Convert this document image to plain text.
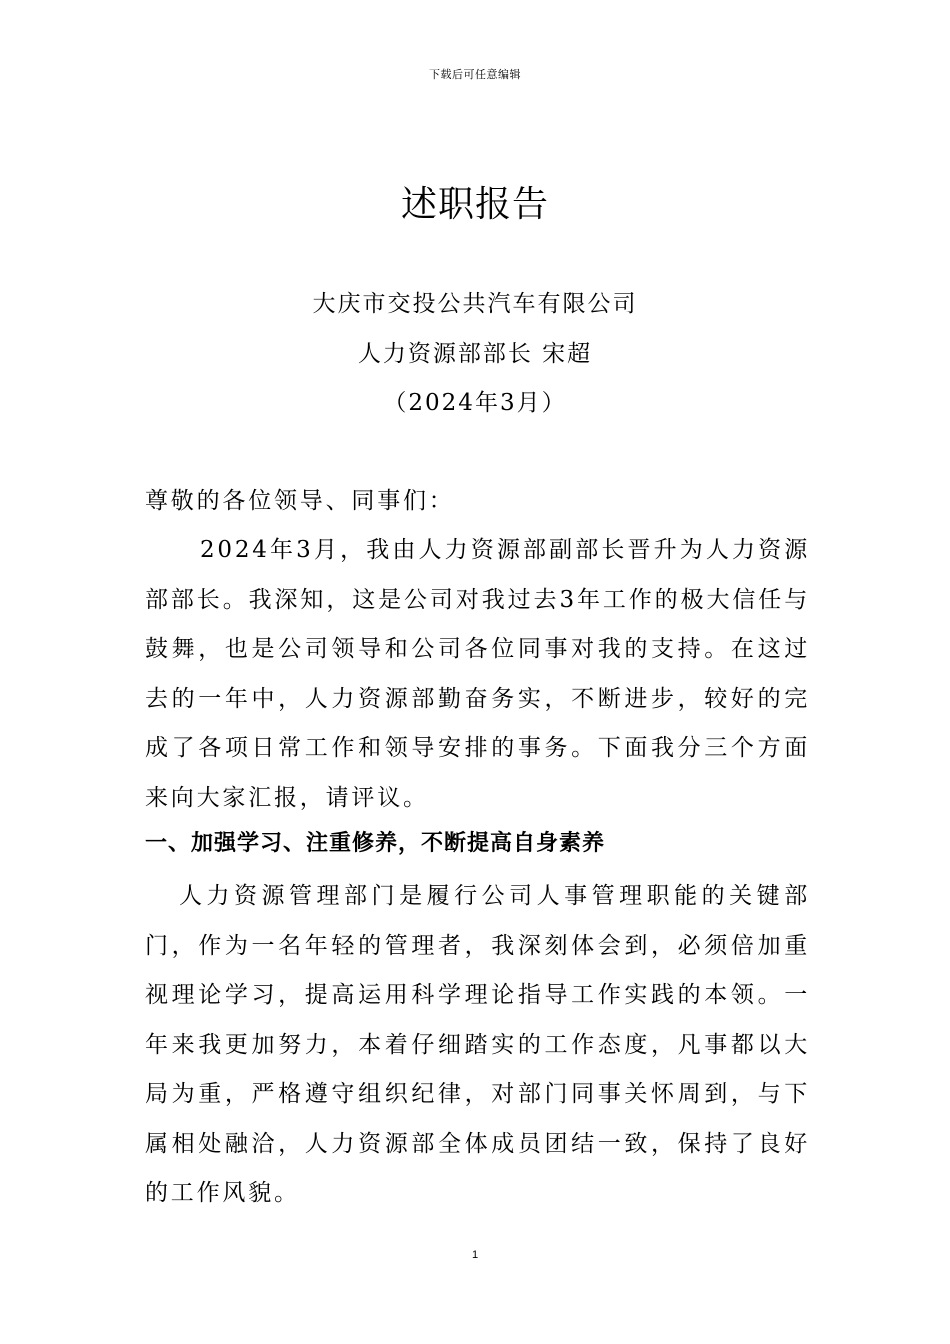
下载后可任意编辑
述职报告
大庆市交投公共汽车有限公司
人力资源部部长 宋超
（2024年3月）

尊敬的各位领导、同事们：

2024年3月，我由人力资源部副部长晋升为人力资源部部长。我深知，这是公司对我过去3年工作的极大信任与鼓舞，也是公司领导和公司各位同事对我的支持。在这过去的一年中，人力资源部勤奋务实，不断进步，较好的完成了各项日常工作和领导安排的事务。下面我分三个方面来向大家汇报，请评议。

一、加强学习、注重修养，不断提高自身素养

人力资源管理部门是履行公司人事管理职能的关键部门，作为一名年轻的管理者，我深刻体会到，必须倍加重视理论学习，提高运用科学理论指导工作实践的本领。一年来我更加努力，本着仔细踏实的工作态度，凡事都以大局为重，严格遵守组织纪律，对部门同事关怀周到，与下属相处融洽，人力资源部全体成员团结一致，保持了良好的工作风貌。

1
